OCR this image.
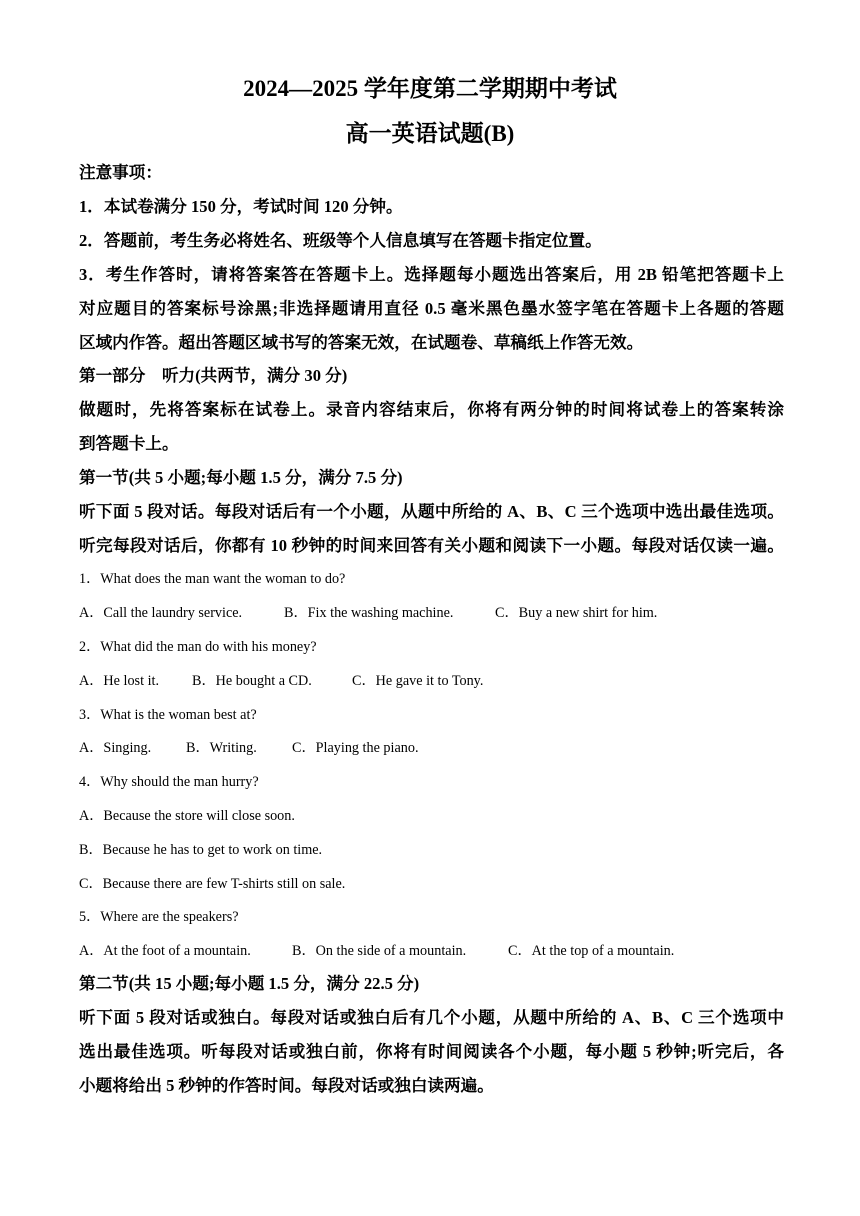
2024—2025 学年度第二学期期中考试
高一英语试题(B)
注意事项：
1．本试卷满分 150 分，考试时间 120 分钟。
2．答题前，考生务必将姓名、班级等个人信息填写在答题卡指定位置。
3．考生作答时，请将答案答在答题卡上。选择题每小题选出答案后，用 2B 铅笔把答题卡上
对应题目的答案标号涂黑;非选择题请用直径 0.5 毫米黑色墨水签字笔在答题卡上各题的答题
区域内作答。超出答题区域书写的答案无效，在试题卷、草稿纸上作答无效。
第一部分　听力(共两节，满分 30 分)
做题时，先将答案标在试卷上。录音内容结束后，你将有两分钟的时间将试卷上的答案转涂
到答题卡上。
第一节(共 5 小题;每小题 1.5 分，满分 7.5 分)
听下面 5 段对话。每段对话后有一个小题，从题中所给的 A、B、C 三个选项中选出最佳选项。
听完每段对话后，你都有 10 秒钟的时间来回答有关小题和阅读下一小题。每段对话仅读一遍。
1．What does the man want the woman to do?
A．Call the laundry service.	B．Fix the washing machine.	C．Buy a new shirt for him.
2．What did the man do with his money?
A．He lost it. B．He bought a CD.	C．He gave it to Tony.
3．What is the woman best at?
A．Singing. B．Writing. C．Playing the piano.
4．Why should the man hurry?
A．Because the store will close soon.
B．Because he has to get to work on time.
C．Because there are few T-shirts still on sale.
5．Where are the speakers?
A．At the foot of a mountain.	B．On the side of a mountain.	C．At the top of a mountain.
第二节(共 15 小题;每小题 1.5 分，满分 22.5 分)
听下面 5 段对话或独白。每段对话或独白后有几个小题，从题中所给的 A、B、C 三个选项中
选出最佳选项。听每段对话或独白前，你将有时间阅读各个小题，每小题 5 秒钟;听完后，各
小题将给出 5 秒钟的作答时间。每段对话或独白读两遍。
